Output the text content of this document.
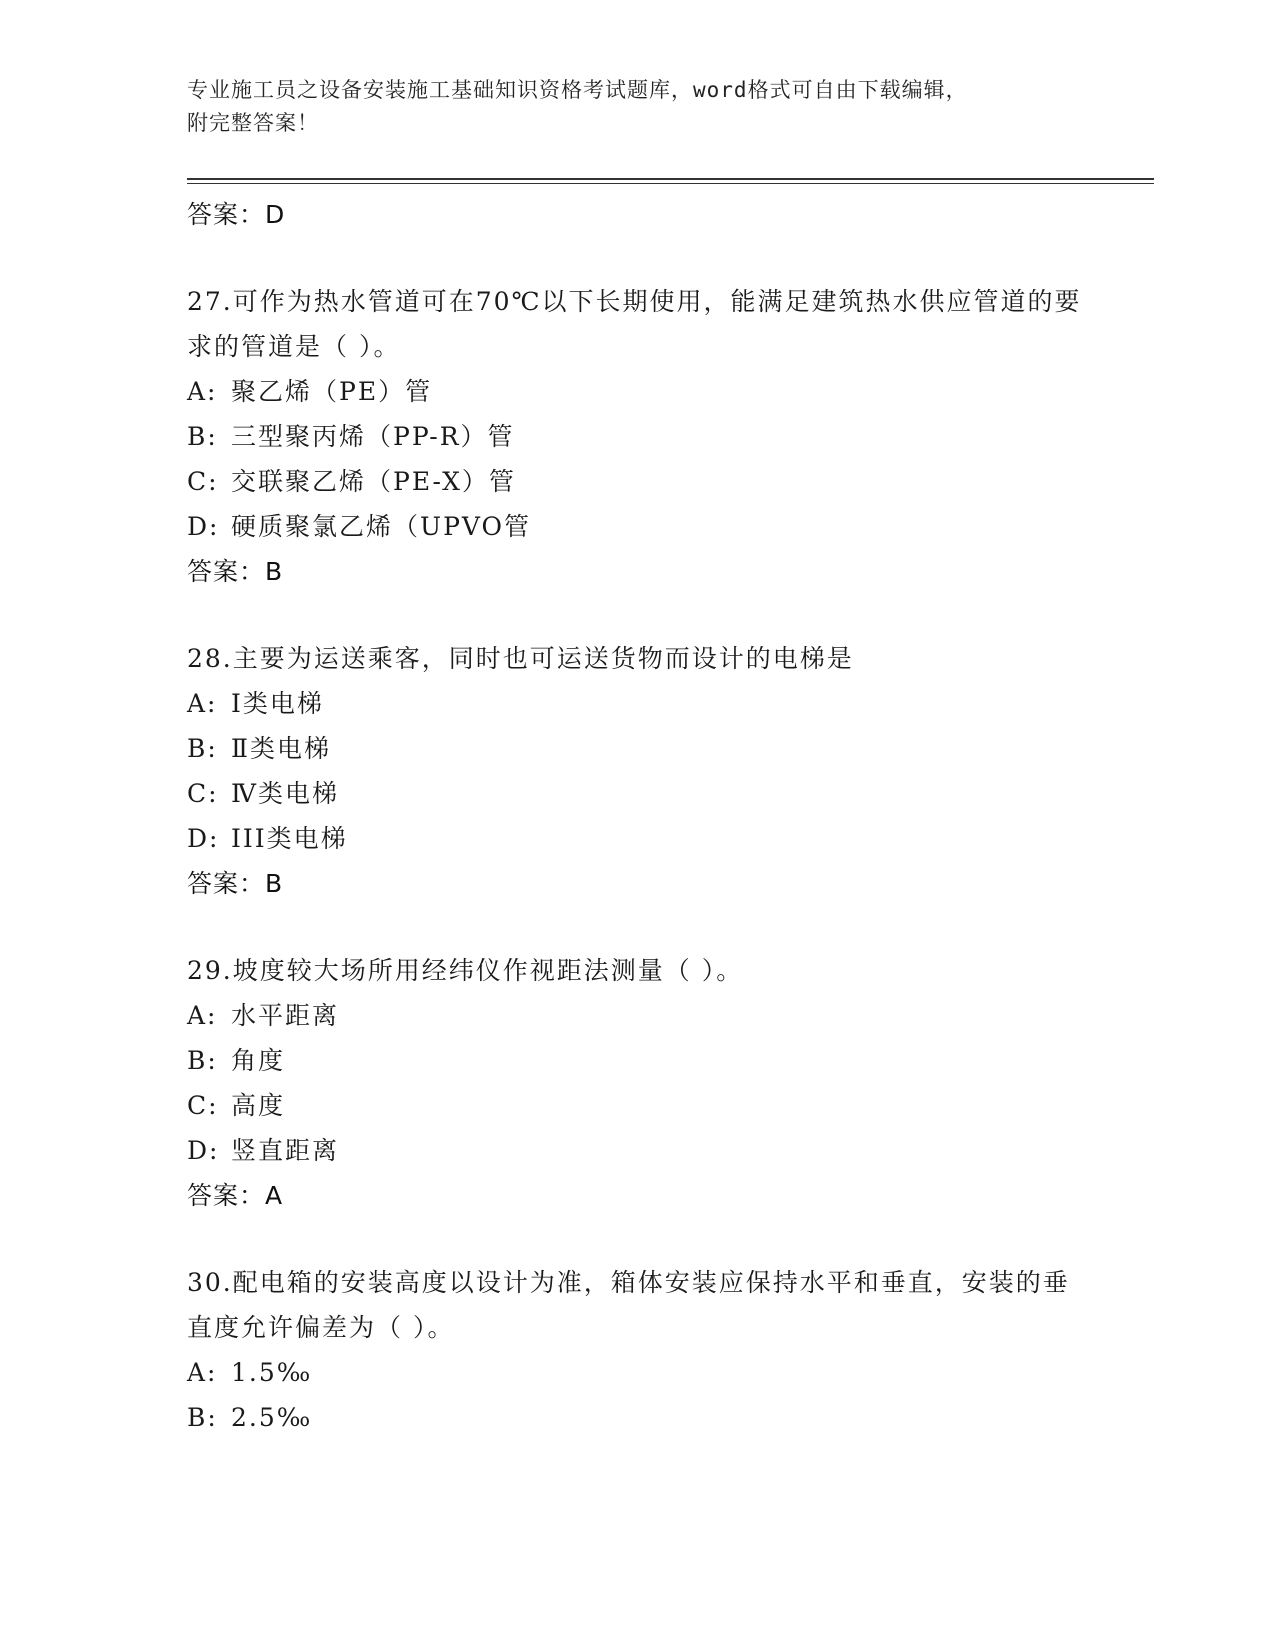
专业施工员之设备安装施工基础知识资格考试题库，word格式可自由下载编辑，
附完整答案！
答案：D
27.可作为热水管道可在70℃以下长期使用，能满足建筑热水供应管道的要求的管道是（ ）。
A: 聚乙烯（PE）管
B: 三型聚丙烯（PP-R）管
C: 交联聚乙烯（PE-X）管
D: 硬质聚氯乙烯（UPVO管
答案：B
28.主要为运送乘客，同时也可运送货物而设计的电梯是
A: I类电梯
B: Ⅱ类电梯
C: Ⅳ类电梯
D: III类电梯
答案：B
29.坡度较大场所用经纬仪作视距法测量（ ）。
A: 水平距离
B: 角度
C: 高度
D: 竖直距离
答案：A
30.配电箱的安装高度以设计为准，箱体安装应保持水平和垂直，安装的垂直度允许偏差为（ ）。
A: 1.5‰
B: 2.5‰
